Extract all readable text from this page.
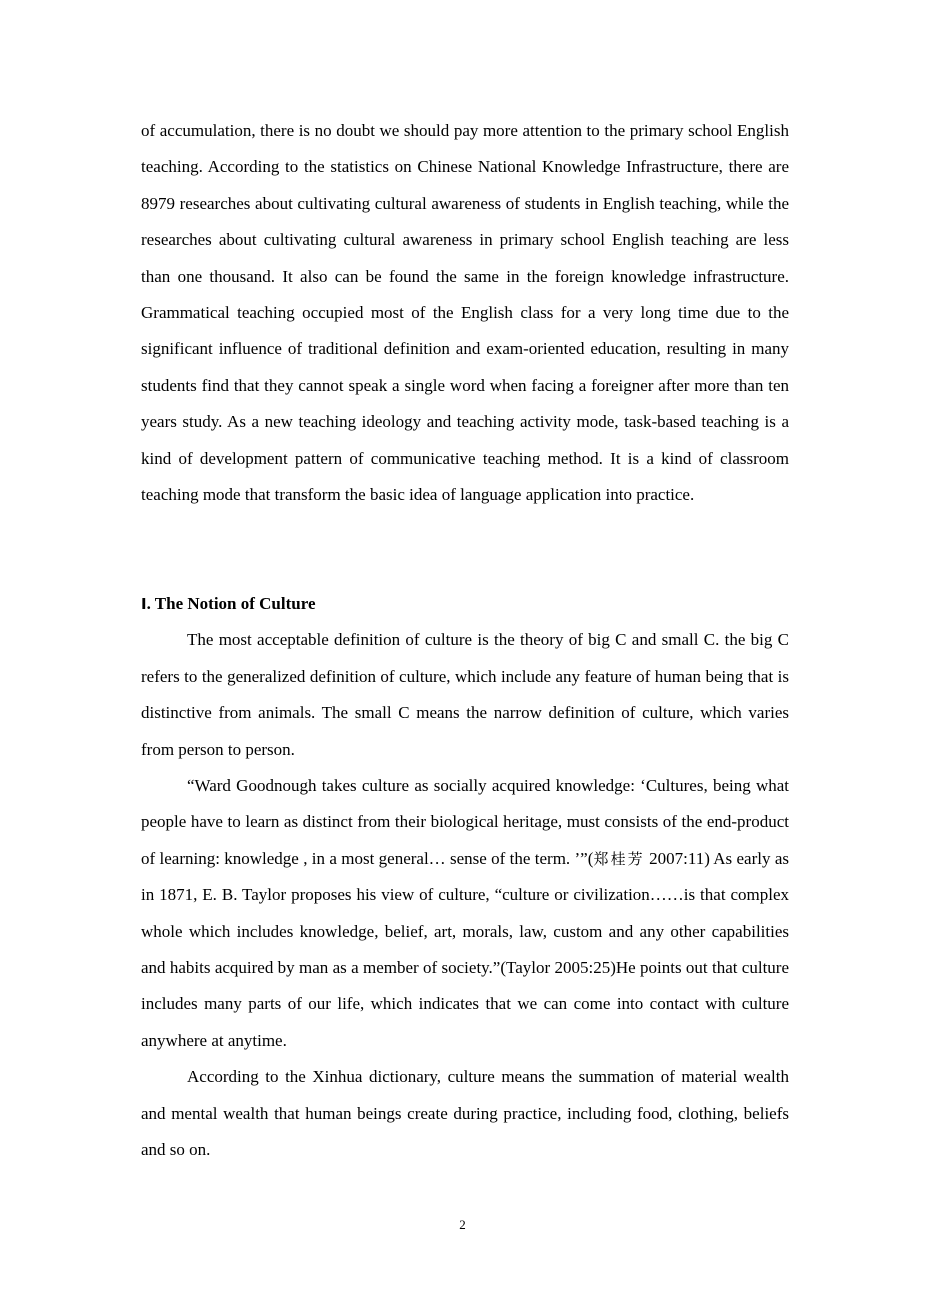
of accumulation, there is no doubt we should pay more attention to the primary school English teaching. According to the statistics on Chinese National Knowledge Infrastructure, there are 8979 researches about cultivating cultural awareness of students in English teaching, while the researches about cultivating cultural awareness in primary school English teaching are less than one thousand. It also can be found the same in the foreign knowledge infrastructure. Grammatical teaching occupied most of the English class for a very long time due to the significant influence of traditional definition and exam-oriented education, resulting in many students find that they cannot speak a single word when facing a foreigner after more than ten years study. As a new teaching ideology and teaching activity mode, task-based teaching is a kind of development pattern of communicative teaching method. It is a kind of classroom teaching mode that transform the basic idea of language application into practice.

Ⅰ. The Notion of Culture

The most acceptable definition of culture is the theory of big C and small C. the big C refers to the generalized definition of culture, which include any feature of human being that is distinctive from animals. The small C means the narrow definition of culture, which varies from person to person.

“Ward Goodnough takes culture as socially acquired knowledge: ‘Cultures, being what people have to learn as distinct from their biological heritage, must consists of the end-product of learning: knowledge , in a most general… sense of the term. ’”(郑桂芳 2007:11) As early as in 1871, E. B. Taylor proposes his view of culture, “culture or civilization……is that complex whole which includes knowledge, belief, art, morals, law, custom and any other capabilities and habits acquired by man as a member of society.”(Taylor 2005:25)He points out that culture includes many parts of our life, which indicates that we can come into contact with culture anywhere at anytime.

According to the Xinhua dictionary, culture means the summation of material wealth and mental wealth that human beings create during practice, including food, clothing, beliefs and so on.

2
